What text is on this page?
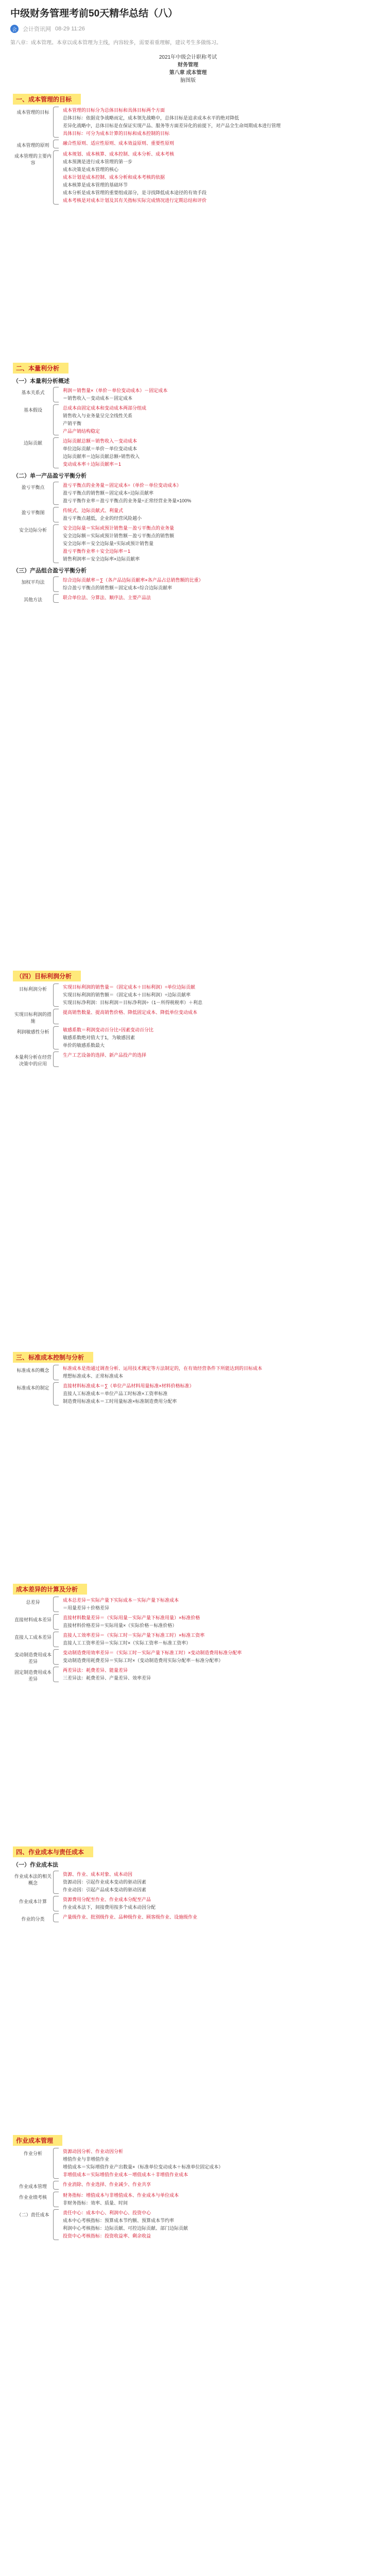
中级财务管理考前50天精华总结（八）
会	会计资讯网 08-29 11:26
第八章：成本管理。本章以成本管理为主线，内容较多，需要着重理解，建议考生多做练习。
2021年中级会计职称考试
财务管理
第八章 成本管理
脑图版
一、成本管理的目标
成本管理的目标	成本管理的目标分为总体目标和具体目标两个方面
总体目标：依据竞争战略而定，成本领先战略中，总体目标是追求成本水平的绝对降低
差异化战略中，总体目标是在保证实现产品、服务等方面差异化的前提下，对产品全生命周期成本进行管理
具体目标：可分为成本计算的目标和成本控制的目标
成本管理的原则	融合性原则、适应性原则、成本效益原则、重要性原则
成本管理的主要内容
成本规划、成本核算、成本控制、成本分析、成本考核
成本预测是进行成本管理的第一步
成本决策是成本管理的核心
成本计划是成本控制、成本分析和成本考核的依据
成本核算是成本管理的基础环节
成本分析是成本管理的重要组成部分，是寻找降低成本途径的有效手段
成本考核是对成本计划及其有关指标实际完成情况进行定期总结和评价
二、本量利分析
（一）本量利分析概述
基本关系式	利润＝销售量×（单价－单位变动成本）－固定成本
＝销售收入－变动成本－固定成本
基本假设	总成本由固定成本和变动成本两部分组成
销售收入与业务量呈完全线性关系
产销平衡
产品产销结构稳定
边际贡献	边际贡献总额＝销售收入－变动成本
单位边际贡献＝单价－单位变动成本
边际贡献率＝边际贡献总额÷销售收入
变动成本率＋边际贡献率＝1
（二）单一产品盈亏平衡分析
盈亏平衡点	盈亏平衡点的业务量＝固定成本÷（单价－单位变动成本）
盈亏平衡点的销售额＝固定成本÷边际贡献率
盈亏平衡作业率＝盈亏平衡点的业务量÷正常经营业务量×100%
盈亏平衡图	传统式、边际贡献式、利量式
盈亏平衡点越低，企业的经营风险越小
安全边际分析	安全边际量＝实际或预计销售量－盈亏平衡点的业务量
安全边际额＝实际或预计销售额－盈亏平衡点的销售额
安全边际率＝安全边际量÷实际或预计销售量
盈亏平衡作业率＋安全边际率＝1
销售利润率＝安全边际率×边际贡献率
（三）产品组合盈亏平衡分析
加权平均法	综合边际贡献率＝∑（各产品边际贡献率×各产品占总销售额的比重）
综合盈亏平衡点的销售额＝固定成本÷综合边际贡献率
其他方法	联合单位法、分算法、顺序法、主要产品法
（四）目标利润分析
目标利润分析	实现目标利润的销售量＝（固定成本＋目标利润）÷单位边际贡献
实现目标利润的销售额＝（固定成本＋目标利润）÷边际贡献率
实现目标净利润：目标利润＝目标净利润÷（1－所得税税率）＋利息
实现目标利润的措施
提高销售数量、提高销售价格、降低固定成本、降低单位变动成本
利润敏感性分析	敏感系数＝利润变动百分比÷因素变动百分比
敏感系数绝对值大于1，为敏感因素
单价的敏感系数最大
本量利分析在经营决策中的应用
生产工艺设备的选择、新产品投产的选择
三、标准成本控制与分析
标准成本的概念	标准成本是指通过调查分析、运用技术测定等方法制定的，在有效经营条件下所能达到的目标成本
理想标准成本、正常标准成本
标准成本的制定	直接材料标准成本＝∑（单位产品材料用量标准×材料价格标准）
直接人工标准成本＝单位产品工时标准×工资率标准
制造费用标准成本＝工时用量标准×标准制造费用分配率
成本差异的计算及分析
总差异	成本总差异＝实际产量下实际成本－实际产量下标准成本
＝用量差异＋价格差异
直接材料成本差异	直接材料数量差异＝（实际用量－实际产量下标准用量）×标准价格
直接材料价格差异＝实际用量×（实际价格－标准价格）
直接人工成本差异	直接人工效率差异＝（实际工时－实际产量下标准工时）×标准工资率
直接人工工资率差异＝实际工时×（实际工资率－标准工资率）
变动制造费用成本差异
变动制造费用效率差异＝（实际工时－实际产量下标准工时）×变动制造费用标准分配率
变动制造费用耗费差异＝实际工时×（变动制造费用实际分配率－标准分配率）
固定制造费用成本差异
两差异法：耗费差异、能量差异
三差异法：耗费差异、产量差异、效率差异
四、作业成本与责任成本
（一）作业成本法
作业成本法的相关概念
资源、作业、成本对象、成本动因
资源动因：引起作业成本变动的驱动因素
作业动因：引起产品成本变动的驱动因素
作业成本计算	资源费用分配至作业、作业成本分配至产品
作业成本法下，间接费用按多个成本动因分配
作业的分类	产量级作业、批别级作业、品种级作业、顾客级作业、设施级作业
作业成本管理
作业分析	资源动因分析、作业动因分析
增值作业与非增值作业
增值成本＝实际增值作业产出数量×（标准单位变动成本＋标准单位固定成本）
非增值成本＝实际增值作业成本－增值成本＋非增值作业成本
作业成本管理	作业消除、作业选择、作业减少、作业共享
作业业绩考核	财务指标：增值成本与非增值成本、作业成本与单位成本
非财务指标：效率、质量、时间
（二）责任成本	责任中心：成本中心、利润中心、投资中心
成本中心考核指标：预算成本节约额、预算成本节约率
利润中心考核指标：边际贡献、可控边际贡献、部门边际贡献
投资中心考核指标：投资收益率、剩余收益
